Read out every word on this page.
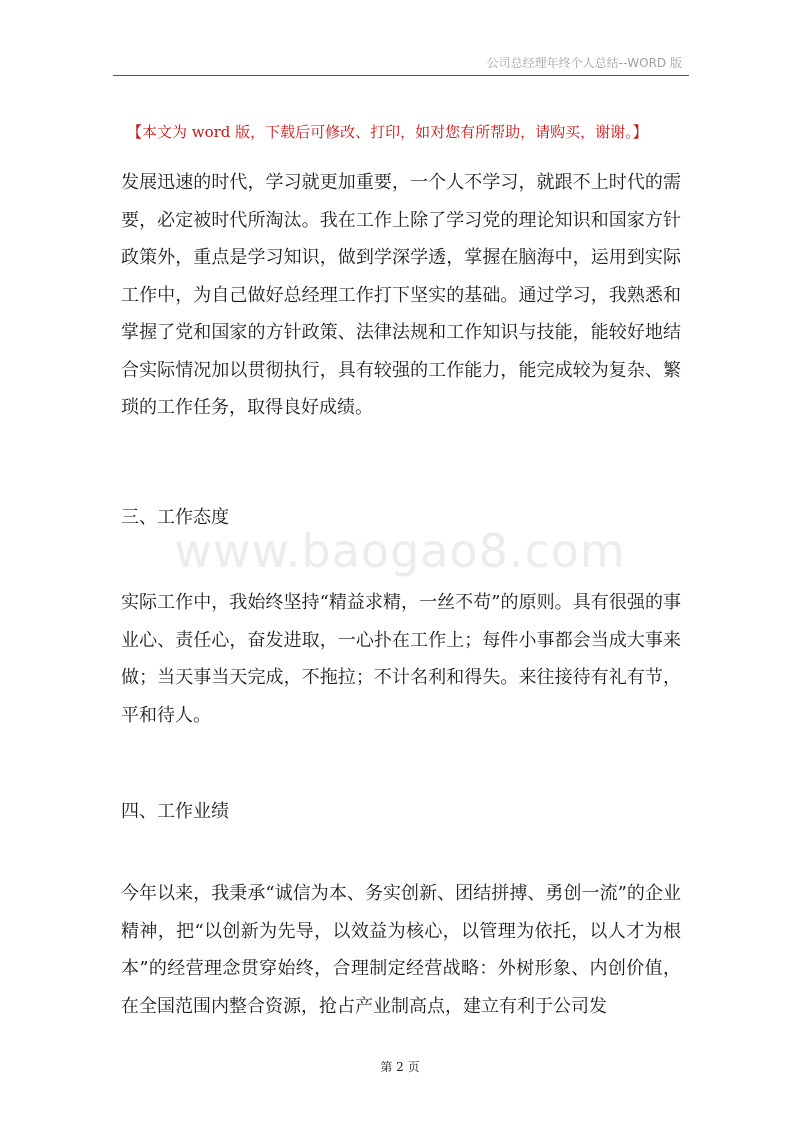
公司总经理年终个人总结--WORD 版
【本文为 word 版，下载后可修改、打印，如对您有所帮助，请购买，谢谢。】
发展迅速的时代，学习就更加重要，一个人不学习，就跟不上时代的需要，必定被时代所淘汰。我在工作上除了学习党的理论知识和国家方针政策外，重点是学习知识，做到学深学透，掌握在脑海中，运用到实际工作中，为自己做好总经理工作打下坚实的基础。通过学习，我熟悉和掌握了党和国家的方针政策、法律法规和工作知识与技能，能较好地结合实际情况加以贯彻执行，具有较强的工作能力，能完成较为复杂、繁琐的工作任务，取得良好成绩。
三、工作态度
www.baogao8.com
实际工作中，我始终坚持“精益求精，一丝不苟”的原则。具有很强的事业心、责任心，奋发进取，一心扑在工作上；每件小事都会当成大事来做；当天事当天完成，不拖拉；不计名利和得失。来往接待有礼有节，平和待人。
四、工作业绩
今年以来，我秉承“诚信为本、务实创新、团结拼搏、勇创一流”的企业精神，把“以创新为先导，以效益为核心，以管理为依托，以人才为根本”的经营理念贯穿始终，合理制定经营战略：外树形象、内创价值，在全国范围内整合资源，抢占产业制高点，建立有利于公司发
第 2 页
